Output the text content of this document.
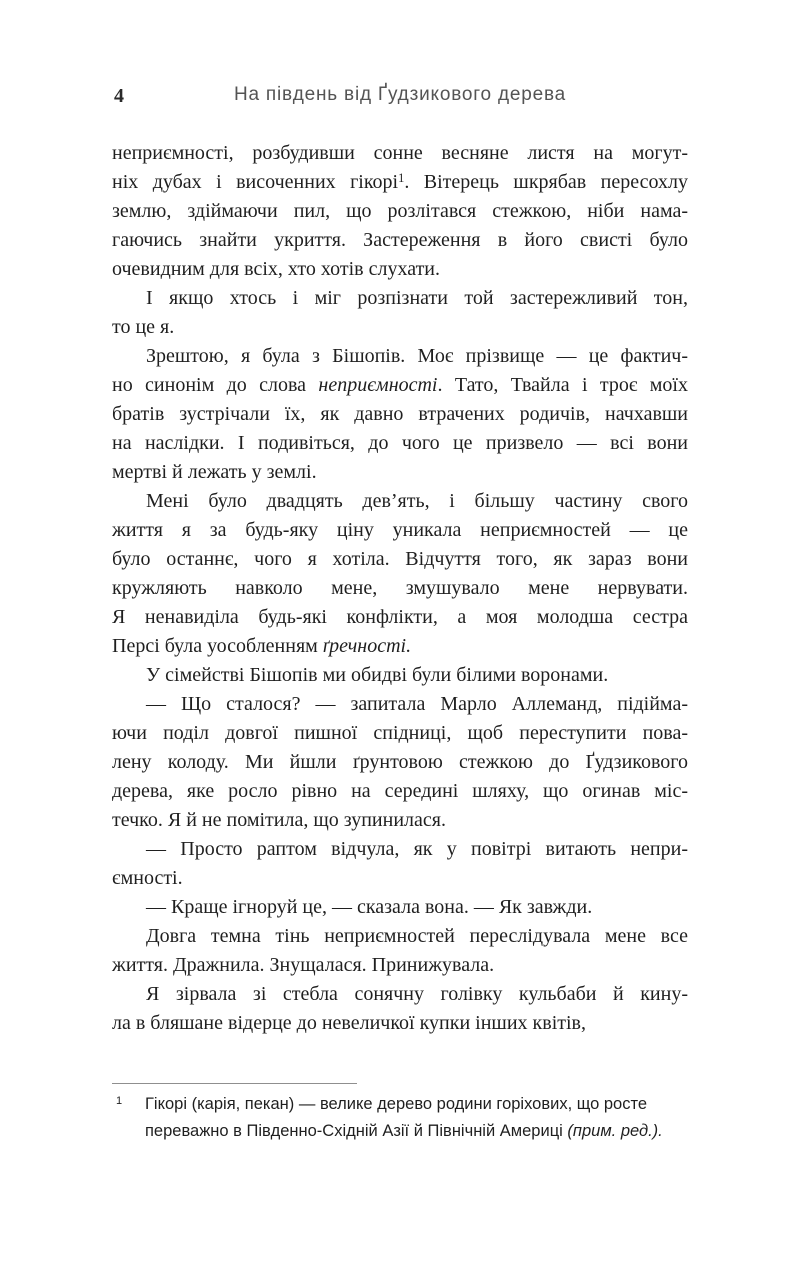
4	На південь від Ґудзикового дерева
неприємності, розбудивши сонне весняне листя на могут-
ніх дубах і височенних гікорі$^1$. Вітерець шкрябав пересохлу
землю, здіймаючи пил, що розлітався стежкою, ніби нама-
гаючись знайти укриття. Застереження в його свисті було
очевидним для всіх, хто хотів слухати.
І якщо хтось і міг розпізнати той застережливий тон,
то це я.
Зрештою, я була з Бішопів. Моє прізвище — це фактич-
но синонім до слова неприємності. Тато, Твайла і троє моїх
братів зустрічали їх, як давно втрачених родичів, начхавши
на наслідки. І подивіться, до чого це призвело — всі вони
мертві й лежать у землі.
Мені було двадцять дев’ять, і більшу частину свого
життя я за будь-яку ціну уникала неприємностей — це
було останнє, чого я хотіла. Відчуття того, як зараз вони
кружляють навколо мене, змушувало мене нервувати.
Я ненавиділа будь-які конфлікти, а моя молодша сестра
Персі була уособленням ґречності.
У сімействі Бішопів ми обидві були білими воронами.
— Що сталося? — запитала Марло Аллеманд, підійма-
ючи поділ довгої пишної спідниці, щоб переступити пова-
лену колоду. Ми йшли ґрунтовою стежкою до Ґудзикового
дерева, яке росло рівно на середині шляху, що огинав міс-
течко. Я й не помітила, що зупинилася.
— Просто раптом відчула, як у повітрі витають непри-
ємності.
— Краще ігноруй це, — сказала вона. — Як завжди.
Довга темна тінь неприємностей переслідувала мене все
життя. Дражнила. Знущалася. Принижувала.
Я зірвала зі стебла сонячну голівку кульбаби й кину-
ла в бляшане відерце до невеличкої купки інших квітів,
1 Гікорі (карія, пекан) — велике дерево родини горіхових, що росте
переважно в Південно-Східній Азії й Північній Америці (прим. ред.).
